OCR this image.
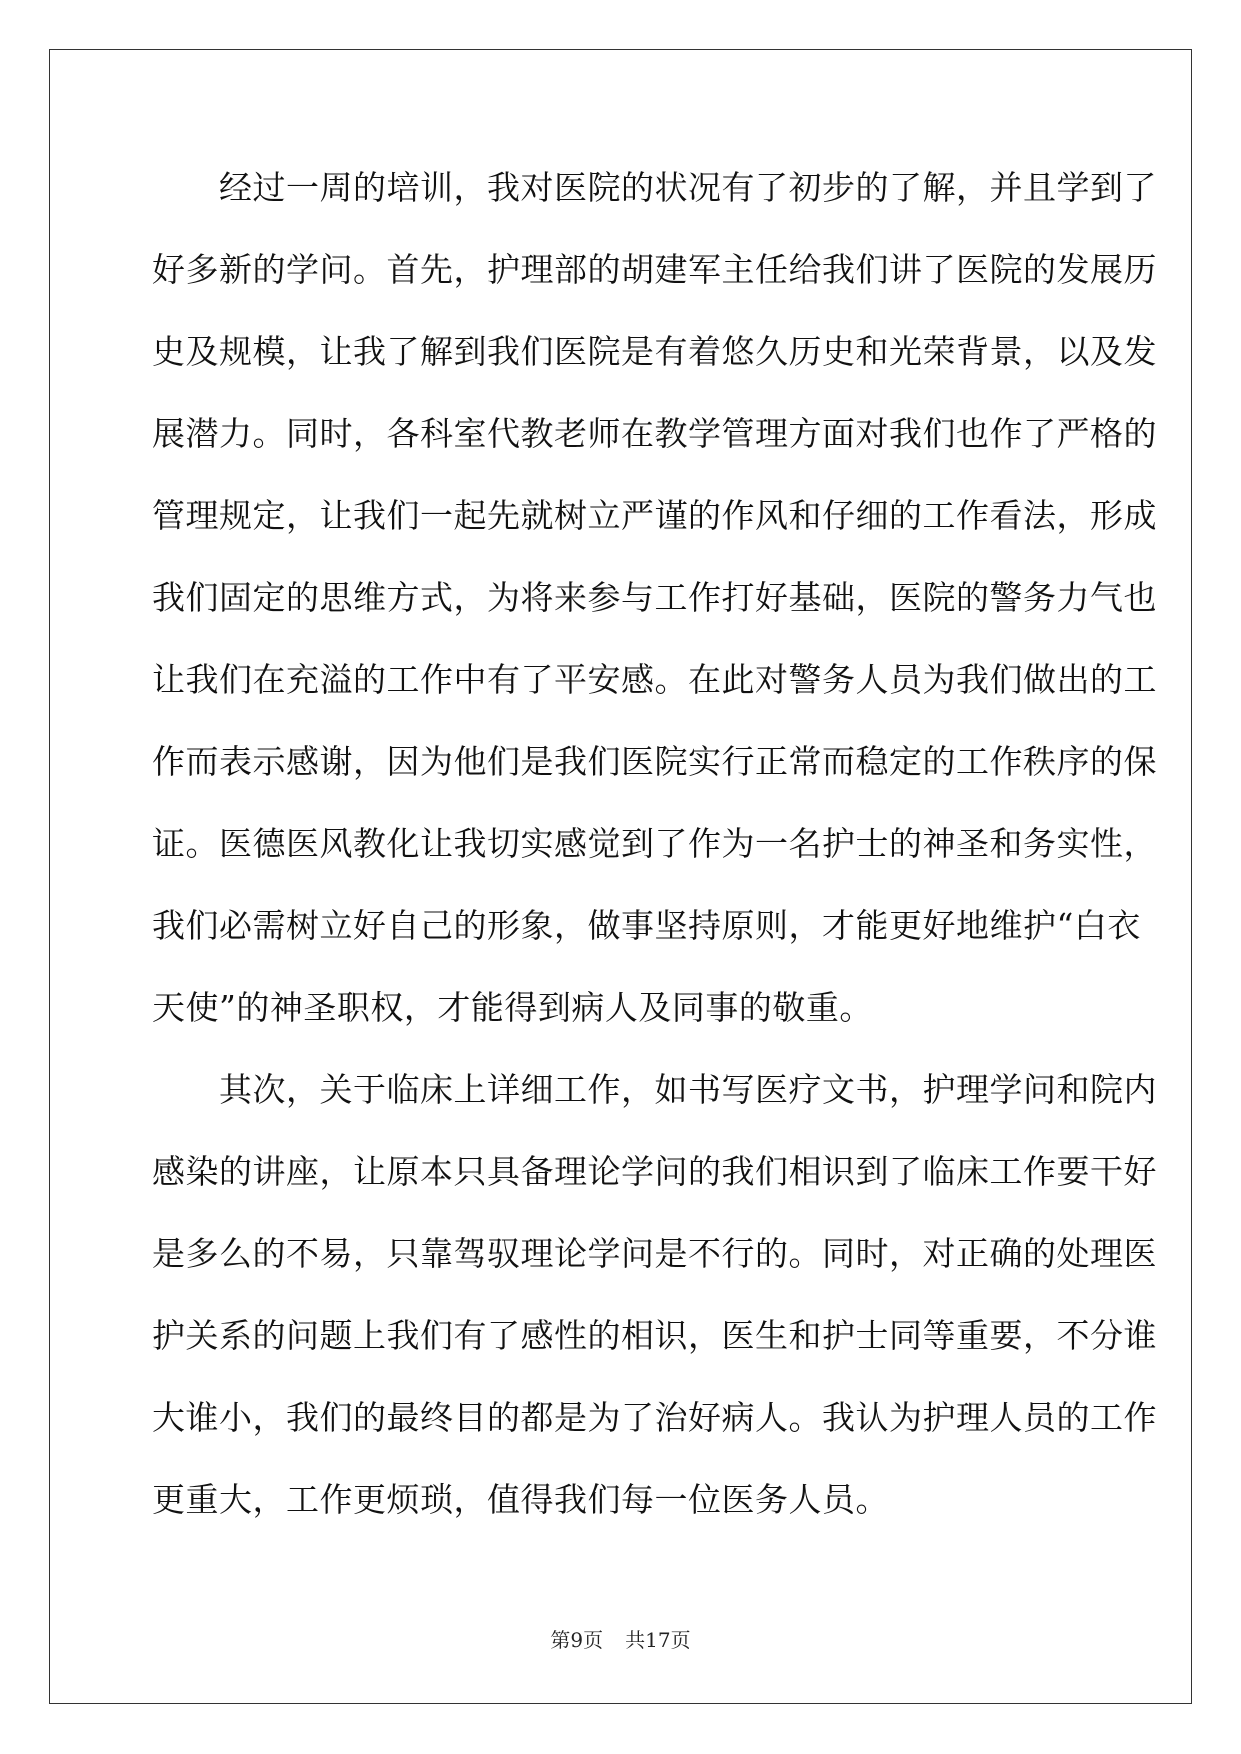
　　经过一周的培训，我对医院的状况有了初步的了解，并且学到了
好多新的学问。首先，护理部的胡建军主任给我们讲了医院的发展历
史及规模，让我了解到我们医院是有着悠久历史和光荣背景，以及发
展潜力。同时，各科室代教老师在教学管理方面对我们也作了严格的
管理规定，让我们一起先就树立严谨的作风和仔细的工作看法，形成
我们固定的思维方式，为将来参与工作打好基础，医院的警务力气也
让我们在充溢的工作中有了平安感。在此对警务人员为我们做出的工
作而表示感谢，因为他们是我们医院实行正常而稳定的工作秩序的保
证。医德医风教化让我切实感觉到了作为一名护士的神圣和务实性，
我们必需树立好自己的形象，做事坚持原则，才能更好地维护“白衣
天使”的神圣职权，才能得到病人及同事的敬重。
　　其次，关于临床上详细工作，如书写医疗文书，护理学问和院内
感染的讲座，让原本只具备理论学问的我们相识到了临床工作要干好
是多么的不易，只靠驾驭理论学问是不行的。同时，对正确的处理医
护关系的问题上我们有了感性的相识，医生和护士同等重要，不分谁
大谁小，我们的最终目的都是为了治好病人。我认为护理人员的工作
更重大，工作更烦琐，值得我们每一位医务人员。
第9页 共17页
